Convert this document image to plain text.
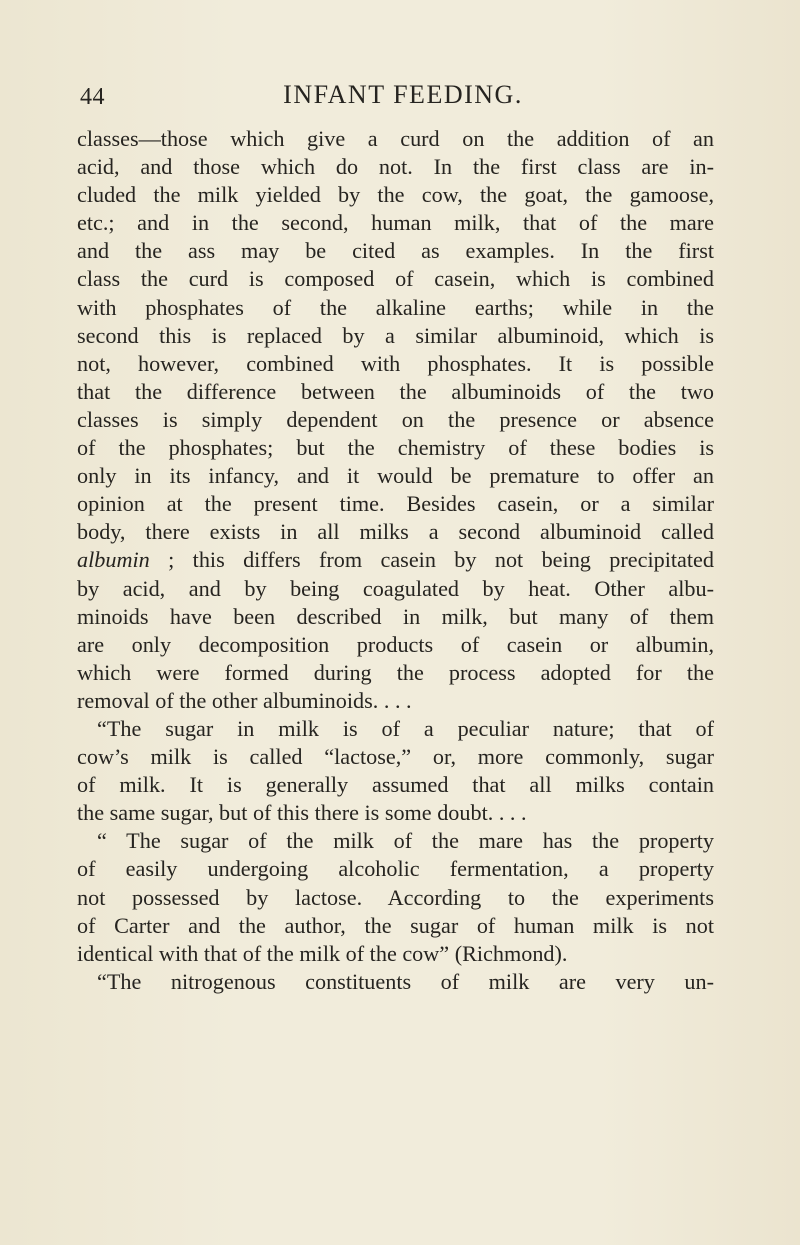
44	INFANT FEEDING.
classes—those which give a curd on the addition of an
acid, and those which do not. In the first class are in-
cluded the milk yielded by the cow, the goat, the gamoose,
etc.; and in the second, human milk, that of the mare
and the ass may be cited as examples. In the first
class the curd is composed of casein, which is combined
with phosphates of the alkaline earths; while in the
second this is replaced by a similar albuminoid, which is
not, however, combined with phosphates. It is possible
that the difference between the albuminoids of the two
classes is simply dependent on the presence or absence
of the phosphates; but the chemistry of these bodies is
only in its infancy, and it would be premature to offer an
opinion at the present time. Besides casein, or a similar
body, there exists in all milks a second albuminoid called
albumin ; this differs from casein by not being precipitated
by acid, and by being coagulated by heat. Other albu-
minoids have been described in milk, but many of them
are only decomposition products of casein or albumin,
which were formed during the process adopted for the
removal of the other albuminoids. . . .
“The sugar in milk is of a peculiar nature; that of
cow’s milk is called “lactose,” or, more commonly, sugar
of milk. It is generally assumed that all milks contain
the same sugar, but of this there is some doubt. . . .
“ The sugar of the milk of the mare has the property
of easily undergoing alcoholic fermentation, a property
not possessed by lactose. According to the experiments
of Carter and the author, the sugar of human milk is not
identical with that of the milk of the cow” (Richmond).
“The nitrogenous constituents of milk are very un-
